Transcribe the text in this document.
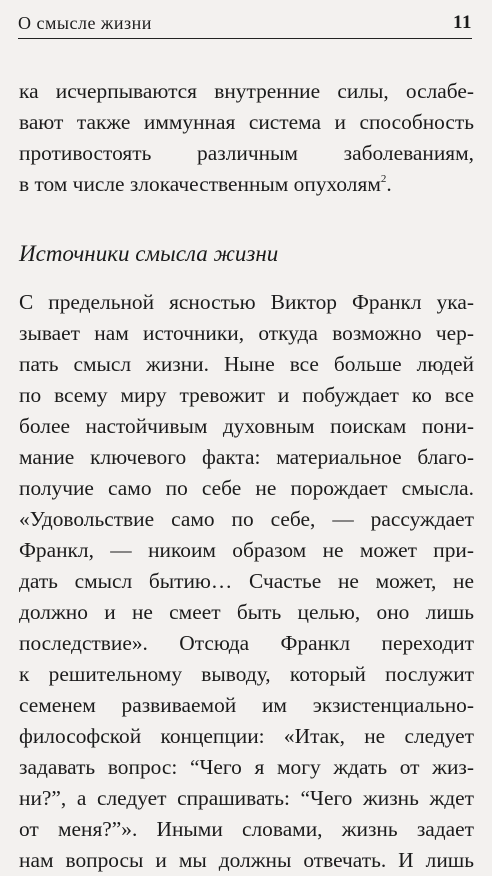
О смысле жизни	11
ка исчерпываются внутренние силы, ослабе-
вают также иммунная система и способность
противостоять различным заболеваниям,
в том числе злокачественным опухолям$^2$.
Источники смысла жизни
С предельной ясностью Виктор Франкл ука-
зывает нам источники, откуда возможно чер-
пать смысл жизни. Ныне все больше людей
по всему миру тревожит и побуждает ко все
более настойчивым духовным поискам пони-
мание ключевого факта: материальное благо-
получие само по себе не порождает смысла.
«Удовольствие само по себе, — рассуждает
Франкл, — никоим образом не может при-
дать смысл бытию… Счастье не может, не
должно и не смеет быть целью, оно лишь
последствие». Отсюда Франкл переходит
к решительному выводу, который послужит
семенем развиваемой им экзистенциально-
философской концепции: «Итак, не следует
задавать вопрос: “Чего я могу ждать от жиз-
ни?”, а следует спрашивать: “Чего жизнь ждет
от меня?”». Иными словами, жизнь задает
нам вопросы и мы должны отвечать. И лишь
